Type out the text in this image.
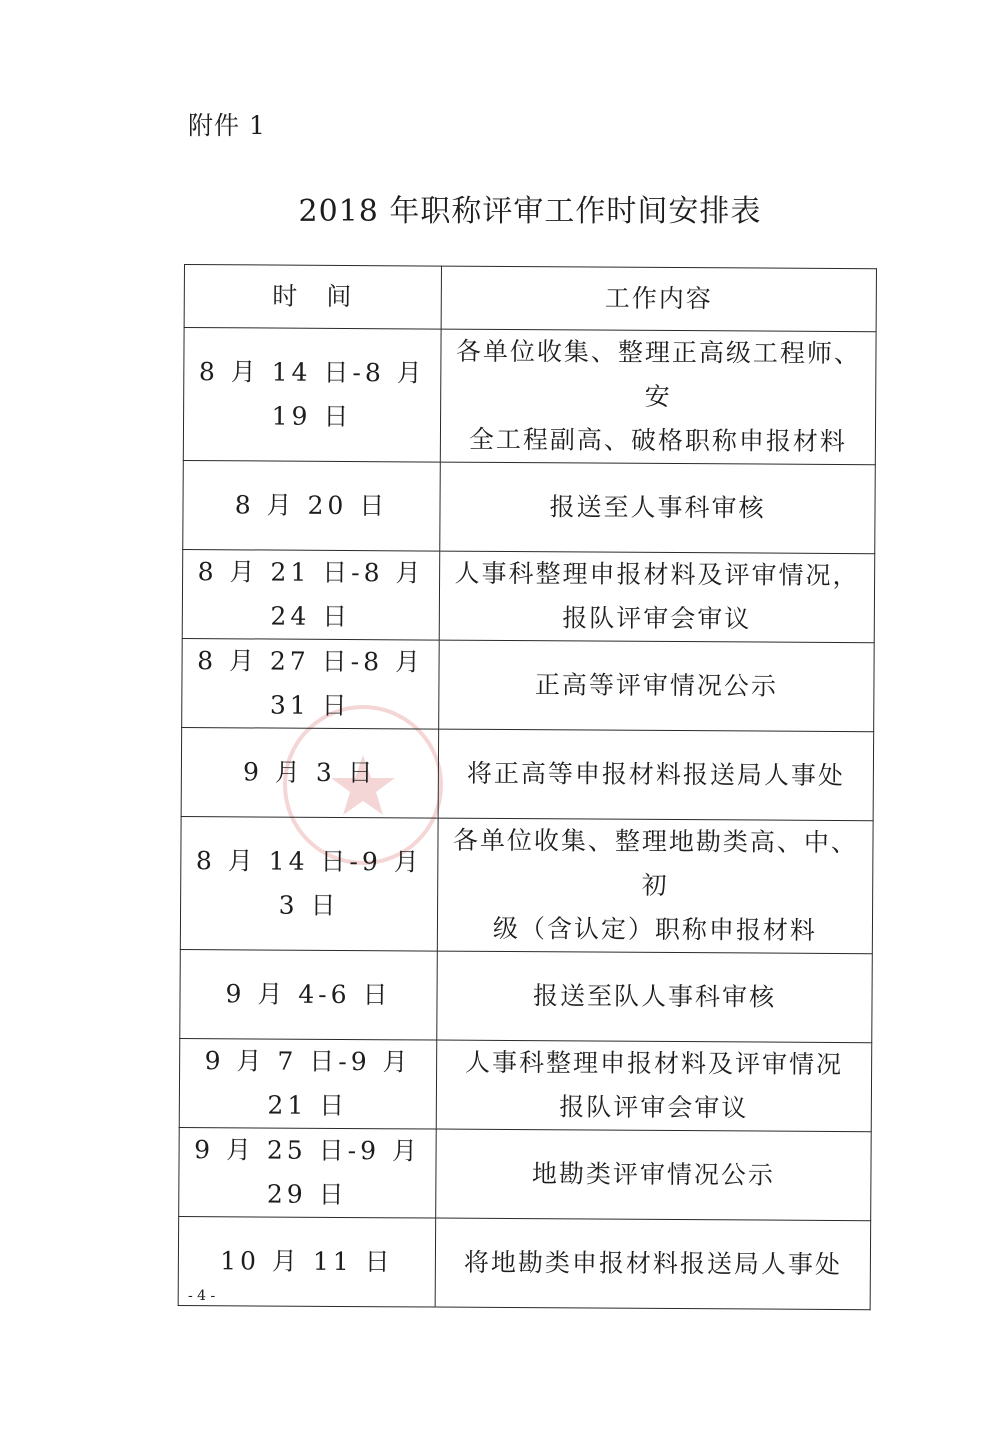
附件 1
2018 年职称评审工作时间安排表
时　间	工作内容
8 月 14 日-8 月 19 日	各单位收集、整理正高级工程师、安
全工程副高、破格职称申报材料

8 月 20 日	报送至人事科审核

8 月 21 日-8 月 24 日	人事科整理申报材料及评审情况，
报队评审会审议

8 月 27 日-8 月 31 日	正高等评审情况公示

9 月 3 日	将正高等申报材料报送局人事处

8 月 14 日-9 月 3 日	各单位收集、整理地勘类高、中、初
级（含认定）职称申报材料

9 月 4-6 日	报送至队人事科审核

9 月 7 日-9 月 21 日	人事科整理申报材料及评审情况
报队评审会审议

9 月 25 日-9 月 29 日	地勘类评审情况公示

10 月 11 日	将地勘类申报材料报送局人事处
- 4 -
